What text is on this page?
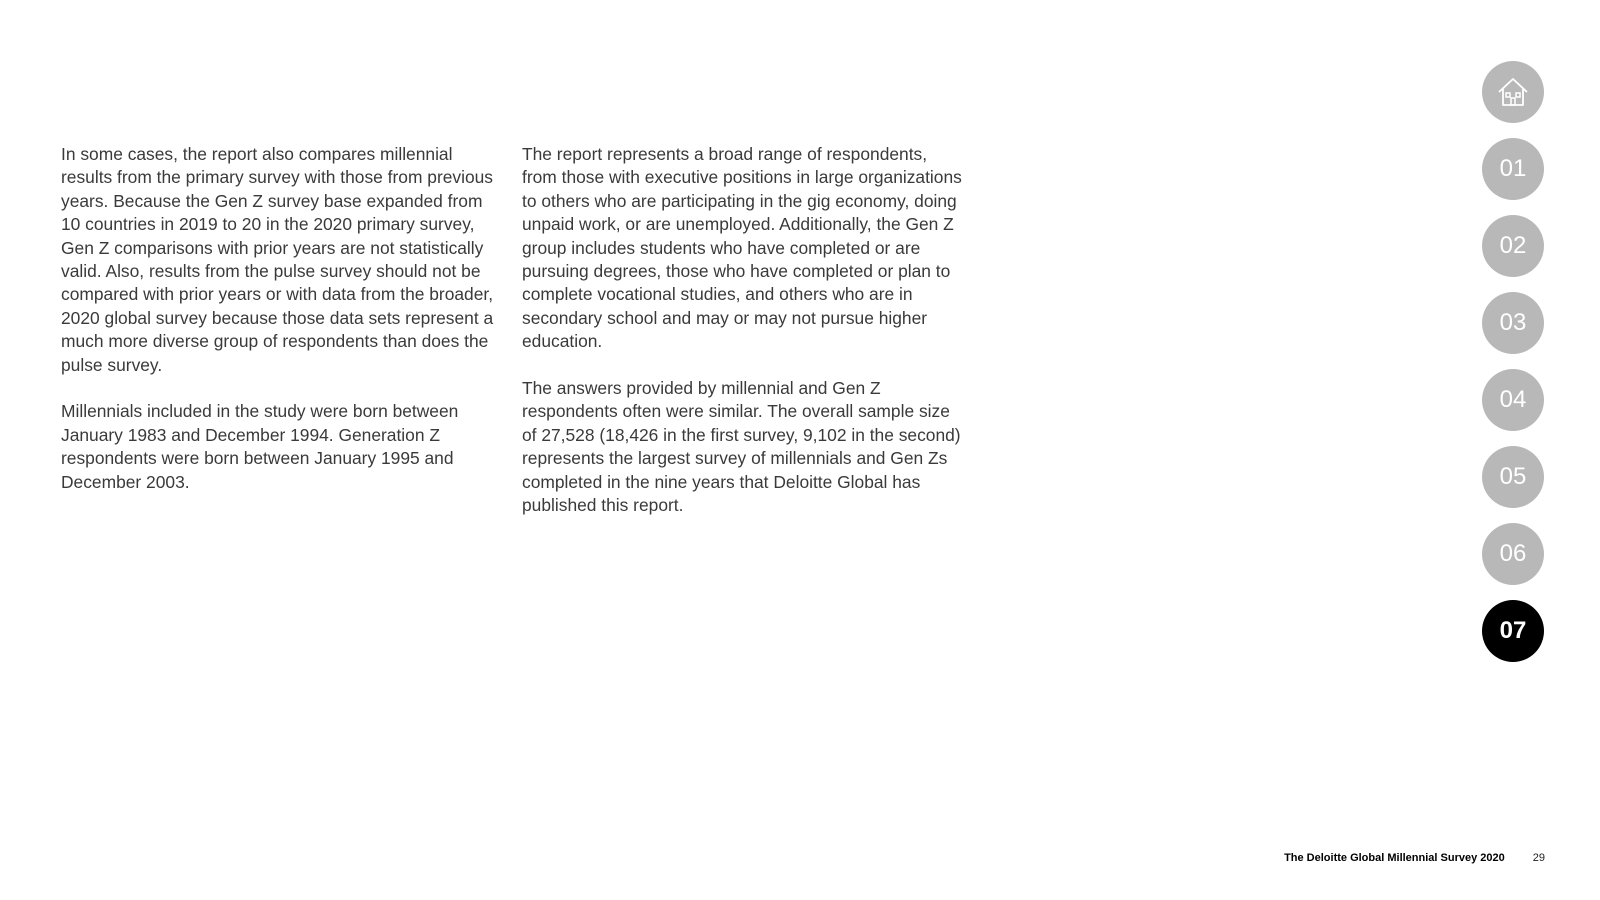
In some cases, the report also compares millennial results from the primary survey with those from previous years. Because the Gen Z survey base expanded from 10 countries in 2019 to 20 in the 2020 primary survey, Gen Z comparisons with prior years are not statistically valid. Also, results from the pulse survey should not be compared with prior years or with data from the broader, 2020 global survey because those data sets represent a much more diverse group of respondents than does the pulse survey.

Millennials included in the study were born between January 1983 and December 1994. Generation Z respondents were born between January 1995 and December 2003.

The report represents a broad range of respondents, from those with executive positions in large organizations to others who are participating in the gig economy, doing unpaid work, or are unemployed. Additionally, the Gen Z group includes students who have completed or are pursuing degrees, those who have completed or plan to complete vocational studies, and others who are in secondary school and may or may not pursue higher education.

The answers provided by millennial and Gen Z respondents often were similar. The overall sample size of 27,528 (18,426 in the first survey, 9,102 in the second) represents the largest survey of millennials and Gen Zs completed in the nine years that Deloitte Global has published this report.

01
02
03
04
05
06
07
The Deloitte Global Millennial Survey 2020	29
